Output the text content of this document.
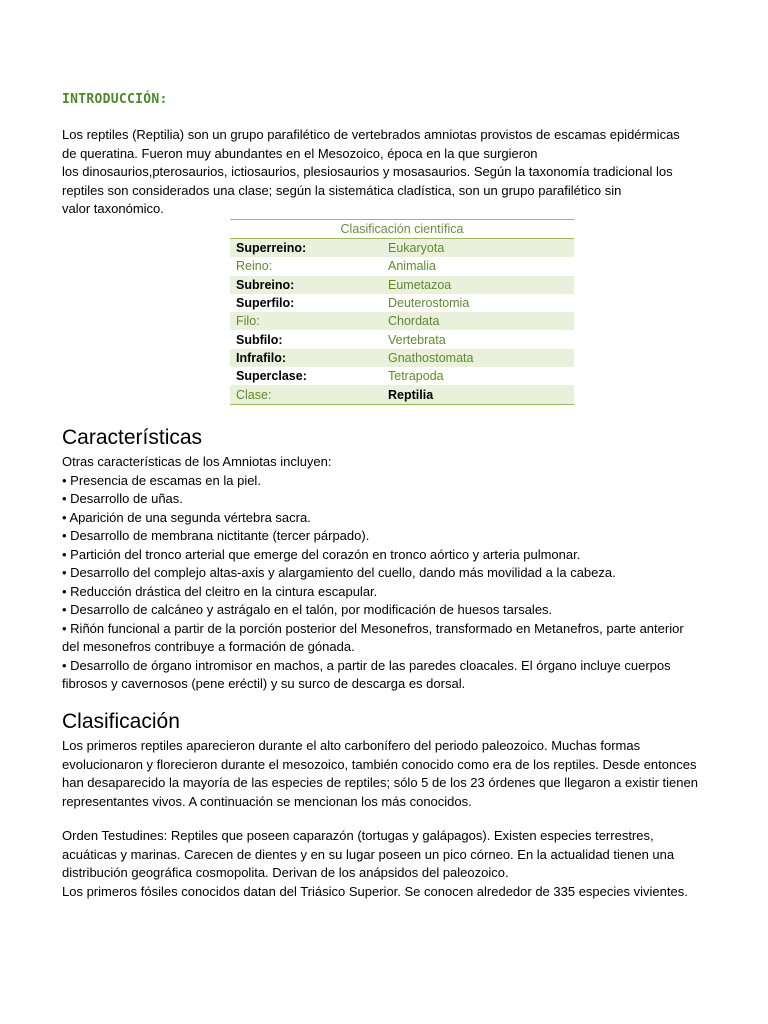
INTRODUCCIÓN:
Los reptiles (Reptilia) son un grupo parafilético de vertebrados amniotas provistos de escamas epidérmicas
de queratina. Fueron muy abundantes en el Mesozoico, época en la que surgieron
los dinosaurios,pterosaurios, ictiosaurios, plesiosaurios y mosasaurios. Según la taxonomía tradicional los
reptiles son considerados una clase; según la sistemática cladística, son un grupo parafilético sin
valor taxonómico.
Clasificación científica	
Superreino:	Eukaryota
Reino:	Animalia
Subreino:	Eumetazoa
Superfilo:	Deuterostomia
Filo:	Chordata
Subfilo:	Vertebrata
Infrafilo:	Gnathostomata
Superclase:	Tetrapoda
Clase:	Reptilia
Características
Otras características de los Amniotas incluyen:
• Presencia de escamas en la piel.
• Desarrollo de uñas.
• Aparición de una segunda vértebra sacra.
• Desarrollo de membrana nictitante (tercer párpado).
• Partición del tronco arterial que emerge del corazón en tronco aórtico y arteria pulmonar.
• Desarrollo del complejo altas-axis y alargamiento del cuello, dando más movilidad a la cabeza.
• Reducción drástica del cleitro en la cintura escapular.
• Desarrollo de calcáneo y astrágalo en el talón, por modificación de huesos tarsales.
• Riñón funcional a partir de la porción posterior del Mesonefros, transformado en Metanefros, parte anterior
del mesonefros contribuye a formación de gónada.
• Desarrollo de órgano intromisor en machos, a partir de las paredes cloacales. El órgano incluye cuerpos
fibrosos y cavernosos (pene eréctil) y su surco de descarga es dorsal.
Clasificación
Los primeros reptiles aparecieron durante el alto carbonífero del periodo paleozoico. Muchas formas
evolucionaron y florecieron durante el mesozoico, también conocido como era de los reptiles. Desde entonces
han desaparecido la mayoría de las especies de reptiles; sólo 5 de los 23 órdenes que llegaron a existir tienen
representantes vivos. A continuación se mencionan los más conocidos.
Orden Testudines: Reptiles que poseen caparazón (tortugas y galápagos). Existen especies terrestres,
acuáticas y marinas. Carecen de dientes y en su lugar poseen un pico córneo. En la actualidad tienen una
distribución geográfica cosmopolita. Derivan de los anápsidos del paleozoico.
Los primeros fósiles conocidos datan del Triásico Superior. Se conocen alrededor de 335 especies vivientes.
